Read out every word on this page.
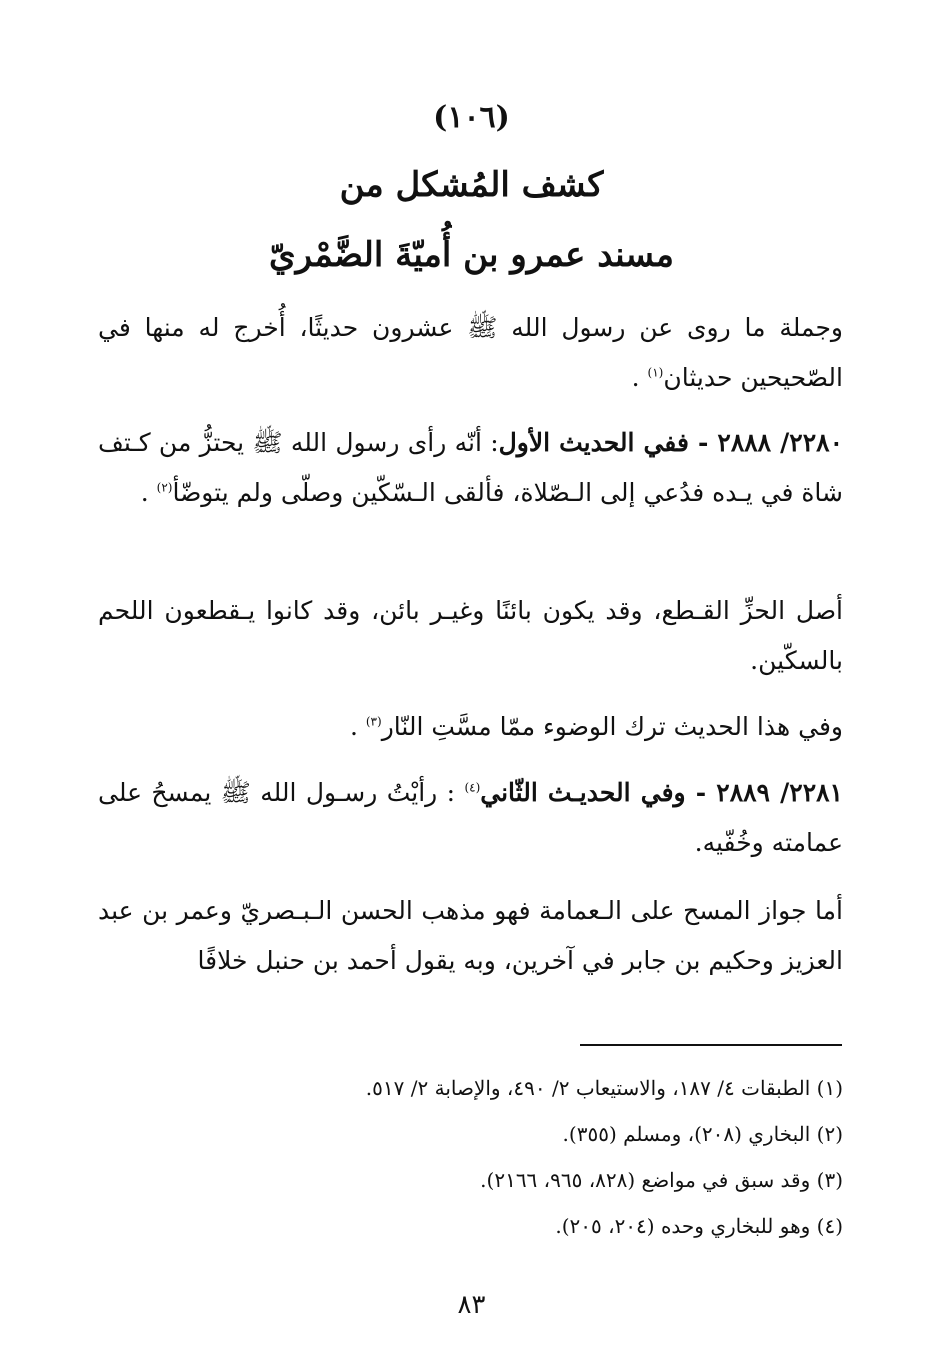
(١٠٦)
كشف المُشكل من
مسند عمرو بن أُميّةَ الضَّمْريّ

وجملة ما روى عن رسول الله ﷺ عشرون حديثًا، أُخرج له منها في الصّحيحين حديثان$^{(١)}$ .

٢٢٨٠/ ٢٨٨٨ - ففي الحديث الأول: أنّه رأى رسول الله ﷺ يحتزُّ من كـتف شاة في يـده فدُعي إلى الـصّلاة، فألقى الـسّكّين وصلّى ولم يتوضّأ$^{(٢)}$ .

أصل الحزِّ القـطع، وقد يكون بائنًا وغيـر بائن، وقد كانوا يـقطعون اللحم بالسكّين.

وفي هذا الحديث ترك الوضوء ممّا مسَّتِ النّار$^{(٣)}$ .

٢٢٨١/ ٢٨٨٩ - وفي الحديـث الثّاني$^{(٤)}$ : رأيْتُ رسـول الله ﷺ يمسحُ على عمامته وخُفّيه.

أما جواز المسح على الـعمامة فهو مذهب الحسن الـبـصريّ وعمر بن عبد العزيز وحكيم بن جابر في آخرين، وبه يقول أحمد بن حنبل خلافًا

(١) الطبقات ٤/ ١٨٧، والاستيعاب ٢/ ٤٩٠، والإصابة ٢/ ٥١٧.
(٢) البخاري (٢٠٨)، ومسلم (٣٥٥).
(٣) وقد سبق في مواضع (٨٢٨، ٩٦٥، ٢١٦٦).
(٤) وهو للبخاري وحده (٢٠٤، ٢٠٥).
٨٣
